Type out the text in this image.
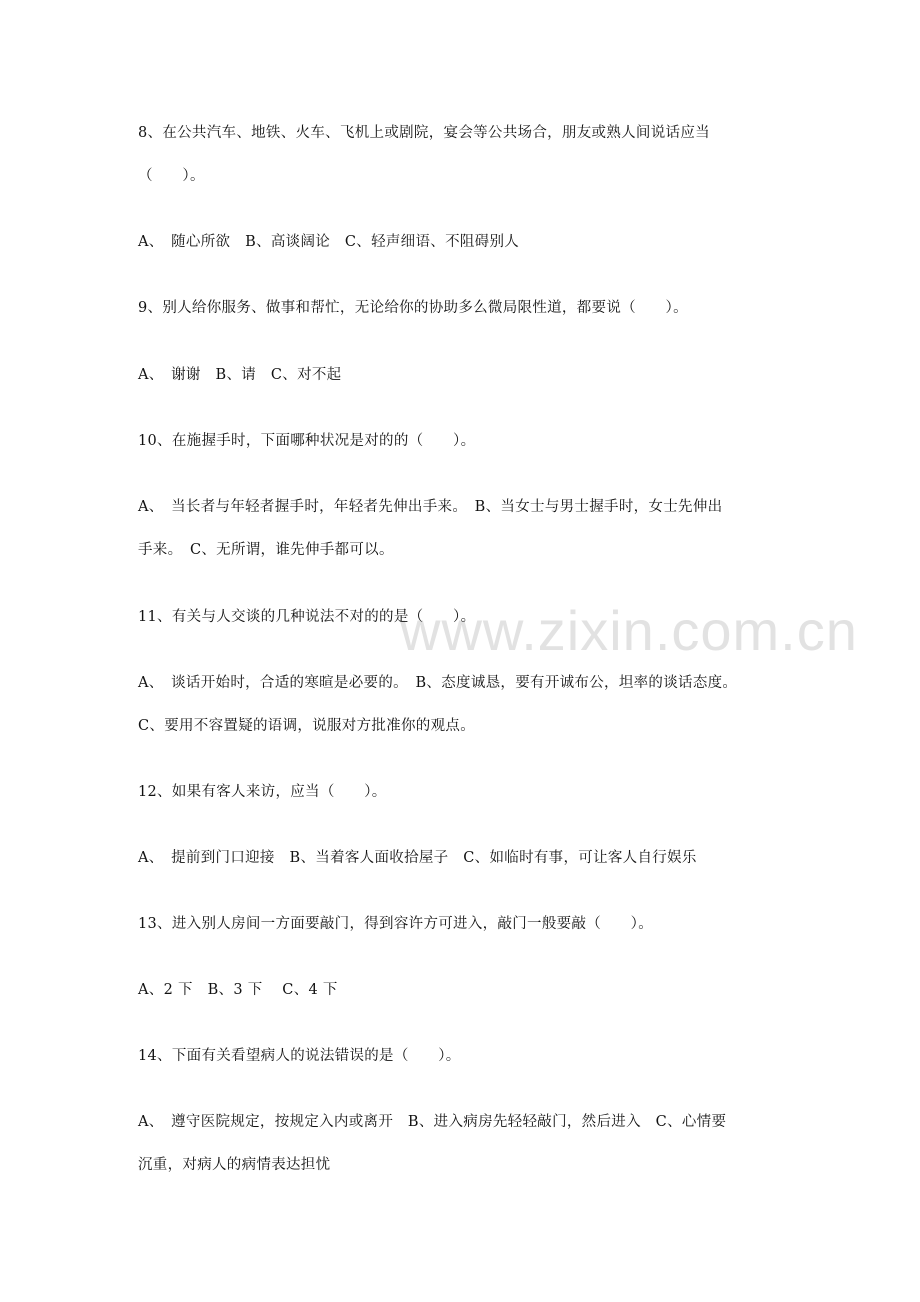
www.zixin.com.cn
8、在公共汽车、地铁、火车、飞机上或剧院，宴会等公共场合，朋友或熟人间说话应当
（　　）。
A、　随心所欲　B、高谈阔论　C、轻声细语、不阻碍别人
9、别人给你服务、做事和帮忙，无论给你的协助多么微局限性道，都要说（　　）。
A、　谢谢　B、请　C、对不起
10、在施握手时，下面哪种状况是对的的（　　）。
A、　当长者与年轻者握手时，年轻者先伸出手来。　B、当女士与男士握手时，女士先伸出
手来。　C、无所谓，谁先伸手都可以。
11、有关与人交谈的几种说法不对的的是（　　）。
A、　谈话开始时，合适的寒暄是必要的。　B、态度诚恳，要有开诚布公，坦率的谈话态度。
C、要用不容置疑的语调，说服对方批准你的观点。
12、如果有客人来访，应当（　　）。
A、　提前到门口迎接　B、当着客人面收拾屋子　C、如临时有事，可让客人自行娱乐
13、进入别人房间一方面要敲门，得到容许方可进入，敲门一般要敲（　　）。
A、2 下　B、3 下　 C、4 下
14、下面有关看望病人的说法错误的是（　　）。
A、　遵守医院规定，按规定入内或离开　B、进入病房先轻轻敲门，然后进入　C、心情要
沉重，对病人的病情表达担忧
